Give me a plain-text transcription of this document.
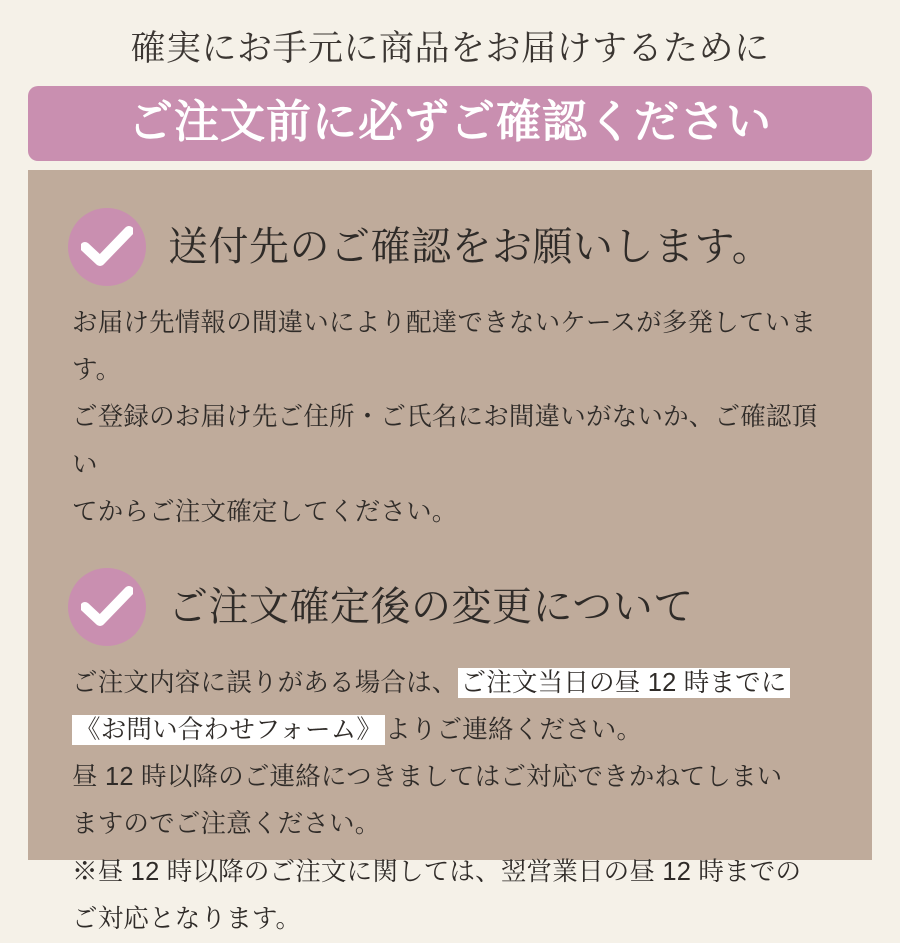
確実にお手元に商品をお届けするために
ご注文前に必ずご確認ください
送付先のご確認をお願いします。

お届け先情報の間違いにより配達できないケースが多発しています。

ご登録のお届け先ご住所・ご氏名にお間違いがないか、ご確認頂い

てからご注文確定してください。

ご注文確定後の変更について

ご注文内容に誤りがある場合は、 ご注文当日の昼 12 時までに

《お問い合わせフォーム》 よりご連絡ください。

昼 12 時以降のご連絡につきましてはご対応できかねてしまい

ますのでご注意ください。

※昼 12 時以降のご注文に関しては、翌営業日の昼 12 時までの

ご対応となります。
